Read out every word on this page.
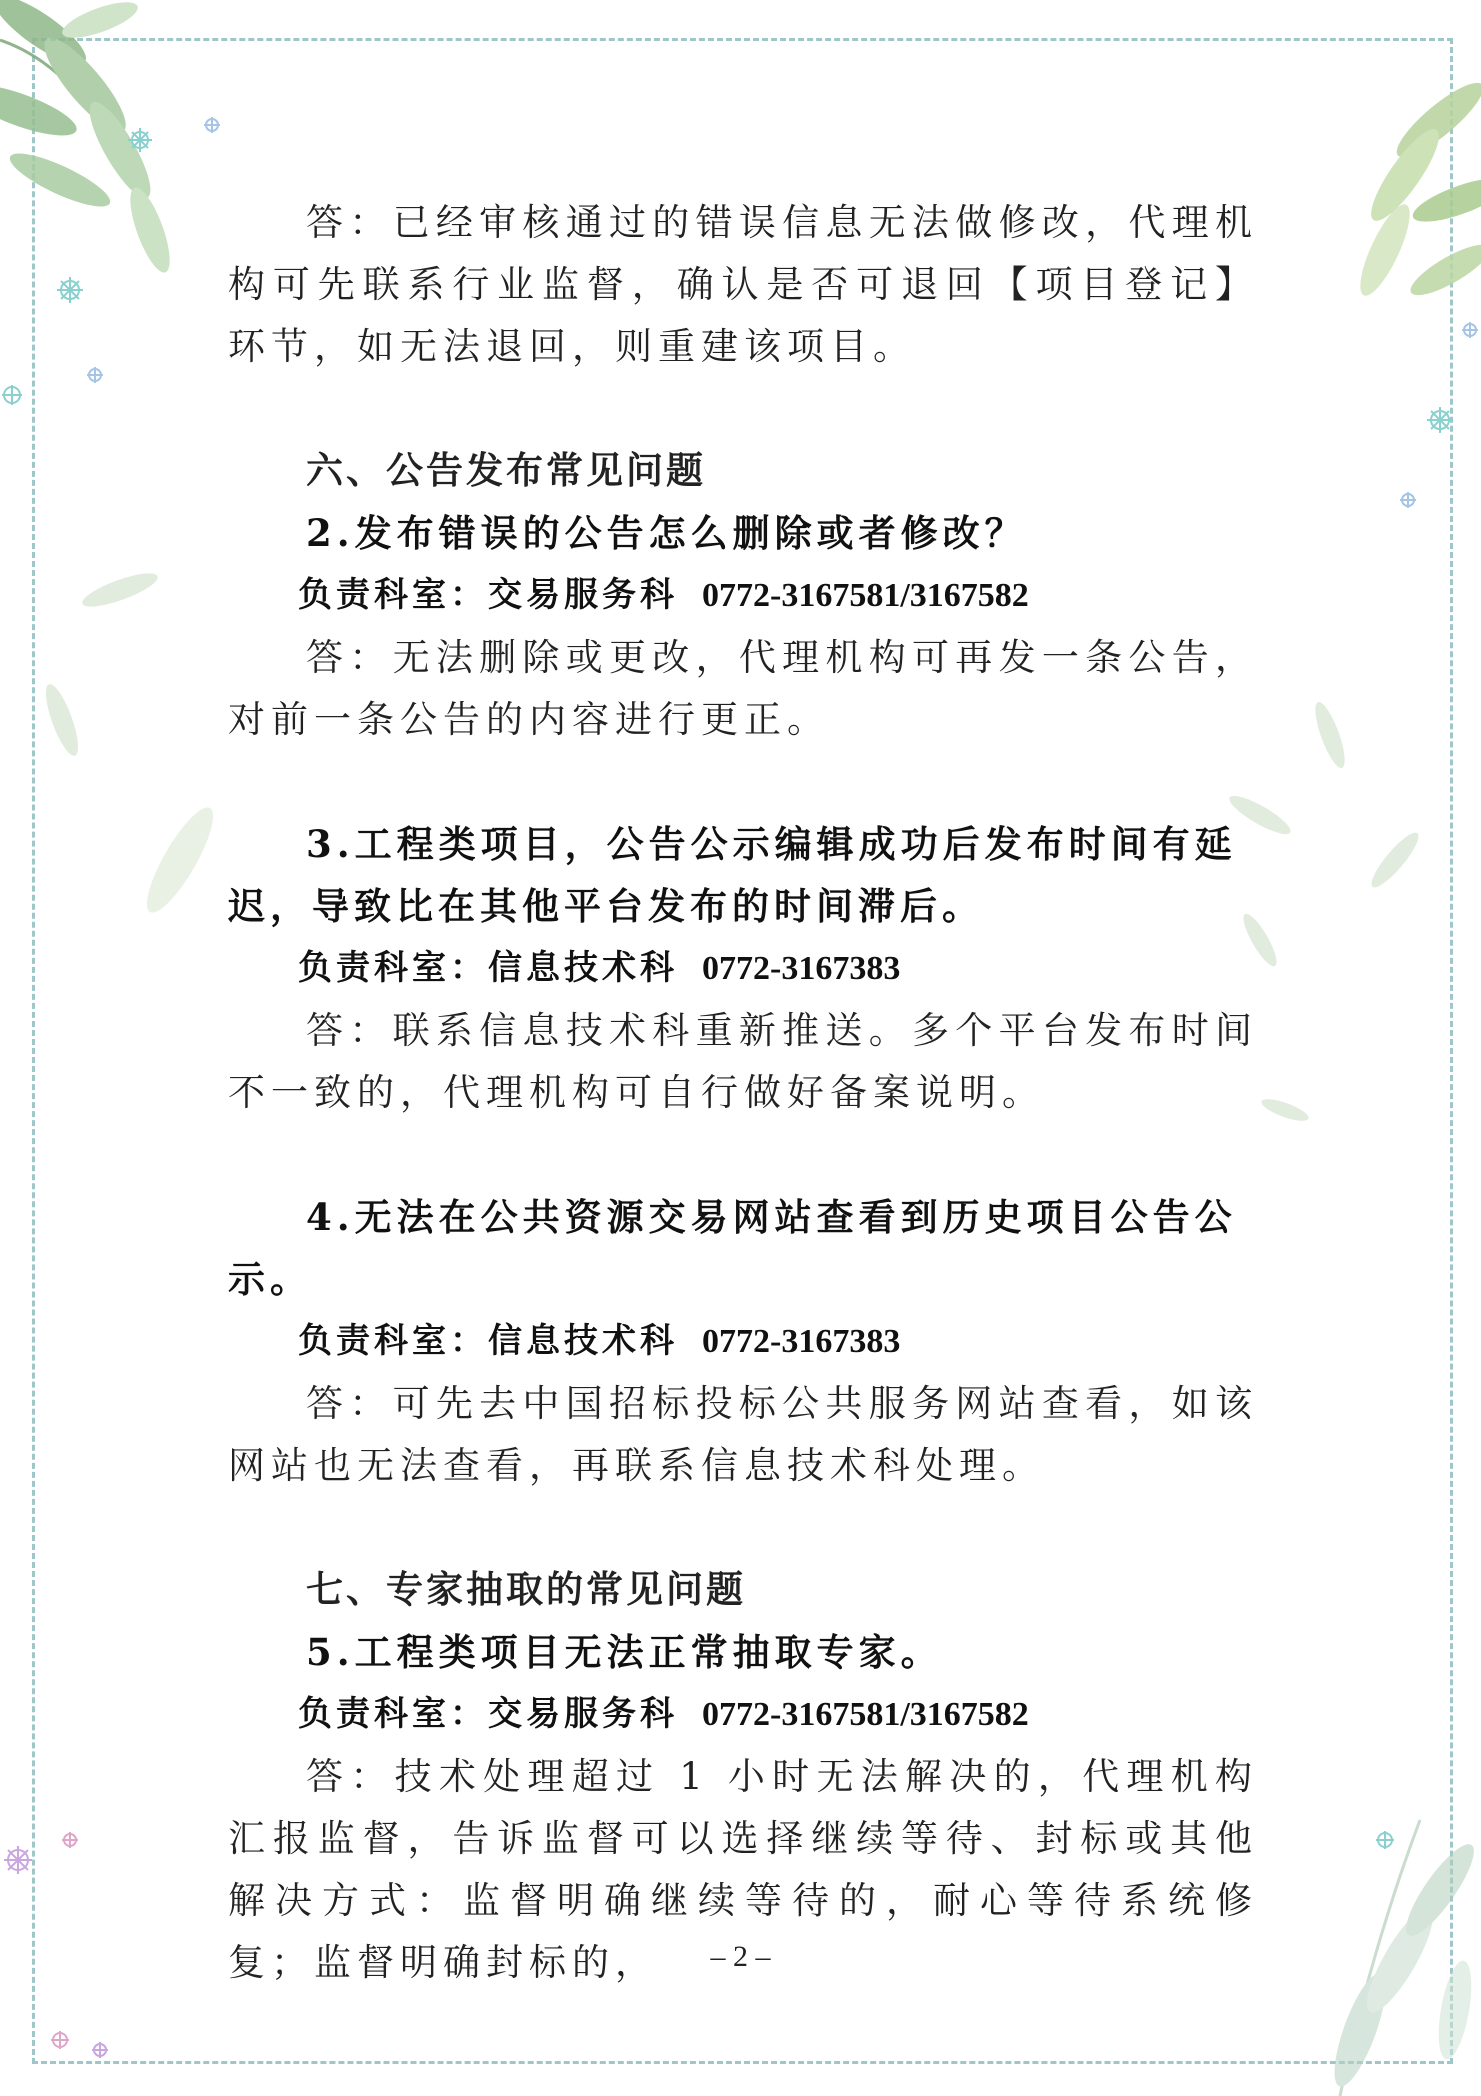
答：已经审核通过的错误信息无法做修改，代理机构可先联系行业监督，确认是否可退回【项目登记】环节，如无法退回，则重建该项目。

六、公告发布常见问题

2.发布错误的公告怎么删除或者修改？

负责科室：交易服务科 0772-3167581/3167582

答：无法删除或更改，代理机构可再发一条公告，对前一条公告的内容进行更正。

3.工程类项目，公告公示编辑成功后发布时间有延迟，导致比在其他平台发布的时间滞后。

负责科室：信息技术科 0772-3167383

答：联系信息技术科重新推送。多个平台发布时间不一致的，代理机构可自行做好备案说明。

4.无法在公共资源交易网站查看到历史项目公告公示。

负责科室：信息技术科 0772-3167383

答：可先去中国招标投标公共服务网站查看，如该网站也无法查看，再联系信息技术科处理。

七、专家抽取的常见问题

5.工程类项目无法正常抽取专家。

负责科室：交易服务科 0772-3167581/3167582

答：技术处理超过 1 小时无法解决的，代理机构汇报监督，告诉监督可以选择继续等待、封标或其他解决方式：监督明确继续等待的，耐心等待系统修复；监督明确封标的，	– 2 –
